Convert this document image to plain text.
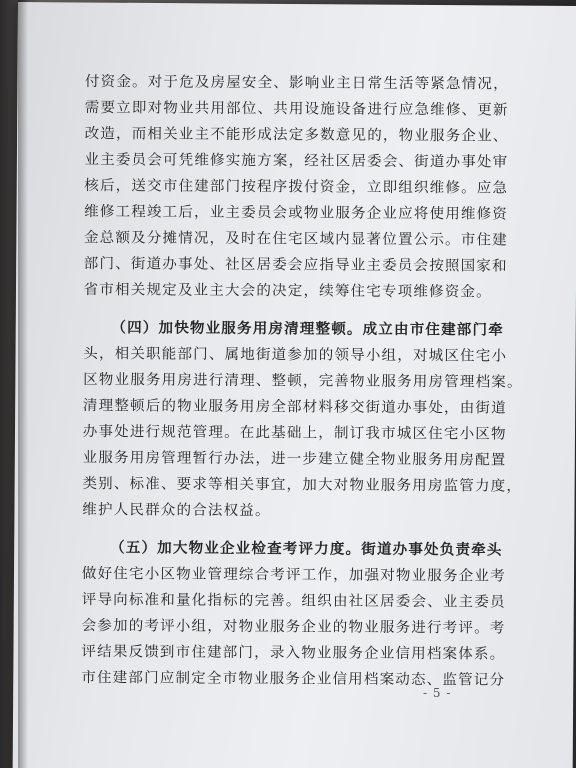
付资金。对于危及房屋安全、影响业主日常生活等紧急情况，
需要立即对物业共用部位、共用设施设备进行应急维修、更新
改造，而相关业主不能形成法定多数意见的，物业服务企业、
业主委员会可凭维修实施方案，经社区居委会、街道办事处审
核后，送交市住建部门按程序拨付资金，立即组织维修。应急
维修工程竣工后，业主委员会或物业服务企业应将使用维修资
金总额及分摊情况，及时在住宅区域内显著位置公示。市住建
部门、街道办事处、社区居委会应指导业主委员会按照国家和
省市相关规定及业主大会的决定，续筹住宅专项维修资金。
（四）加快物业服务用房清理整顿。成立由市住建部门牵
头，相关职能部门、属地街道参加的领导小组，对城区住宅小
区物业服务用房进行清理、整顿，完善物业服务用房管理档案。
清理整顿后的物业服务用房全部材料移交街道办事处，由街道
办事处进行规范管理。在此基础上，制订我市城区住宅小区物
业服务用房管理暂行办法，进一步建立健全物业服务用房配置
类别、标准、要求等相关事宜，加大对物业服务用房监管力度，
维护人民群众的合法权益。
（五）加大物业企业检查考评力度。街道办事处负责牵头
做好住宅小区物业管理综合考评工作，加强对物业服务企业考
评导向标准和量化指标的完善。组织由社区居委会、业主委员
会参加的考评小组，对物业服务企业的物业服务进行考评。考
评结果反馈到市住建部门，录入物业服务企业信用档案体系。
市住建部门应制定全市物业服务企业信用档案动态、监管记分
- 5 -
